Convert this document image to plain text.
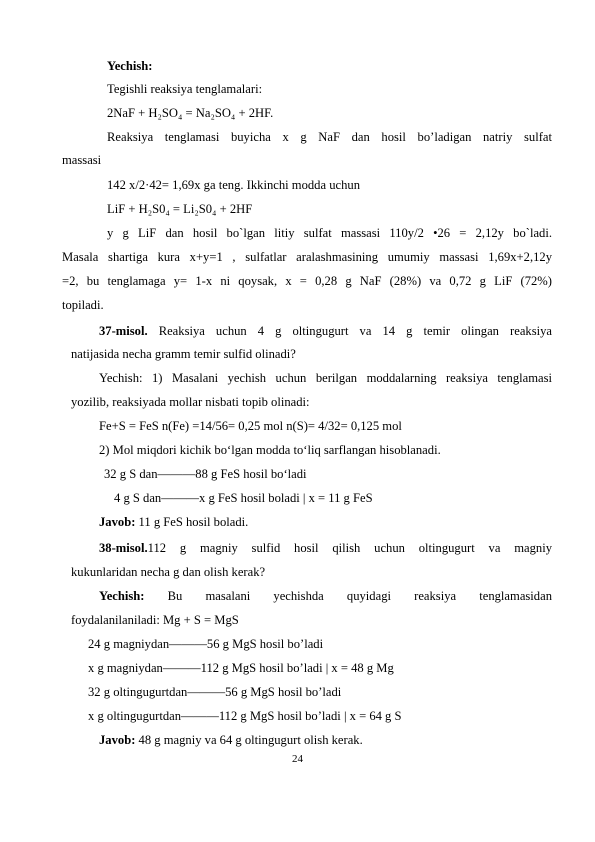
Yechish:
Tegishli reaksiya tenglamalari:
2NaF + H₂SO₄ = Na₂SO₄ + 2HF.
Reaksiya tenglamasi buyicha x g NaF dan hosil bo’ladigan natriy sulfat
massasi
142 x/2·42= 1,69x ga teng. Ikkinchi modda uchun
LiF + H₂S0₄ = Li₂S0₄ + 2HF
y g LiF dan hosil bo`lgan litiy sulfat massasi 110y/2 •26 = 2,12y bo`ladi.
Masala shartiga kura x+y=1 , sulfatlar aralashmasining umumiy massasi 1,69x+2,12y
=2, bu tenglamaga y= 1-x ni qoysak, x = 0,28 g NaF (28%) va 0,72 g LiF (72%)
topiladi.
37-misol. Reaksiya uchun 4 g oltingugurt va 14 g temir olingan reaksiya
natijasida necha gramm temir sulfid olinadi?
Yechish: 1) Masalani yechish uchun berilgan moddalarning reaksiya tenglamasi
yozilib, reaksiyada mollar nisbati topib olinadi:
Fe+S = FeS n(Fe) =14/56= 0,25 mol n(S)= 4/32= 0,125 mol
2) Mol miqdori kichik bo‘lgan modda to‘liq sarflangan hisoblanadi.
32 g S dan———88 g FeS hosil bo‘ladi
4 g S dan———x g FeS hosil boladi | x = 11 g FeS
Javob: 11 g FeS hosil boladi.
38-misol.112 g magniy sulfid hosil qilish uchun oltingugurt va magniy
kukunlaridan necha g dan olish kerak?
Yechish: Bu masalani yechishda quyidagi reaksiya tenglamasidan
foydalanilaniladi: Mg + S = MgS
24 g magniydan———56 g MgS hosil bo’ladi
x g magniydan———112 g MgS hosil bo’ladi | x = 48 g Mg
32 g oltingugurtdan———56 g MgS hosil bo’ladi
x g oltingugurtdan———112 g MgS hosil bo’ladi | x = 64 g S
Javob: 48 g magniy va 64 g oltingugurt olish kerak.
24
